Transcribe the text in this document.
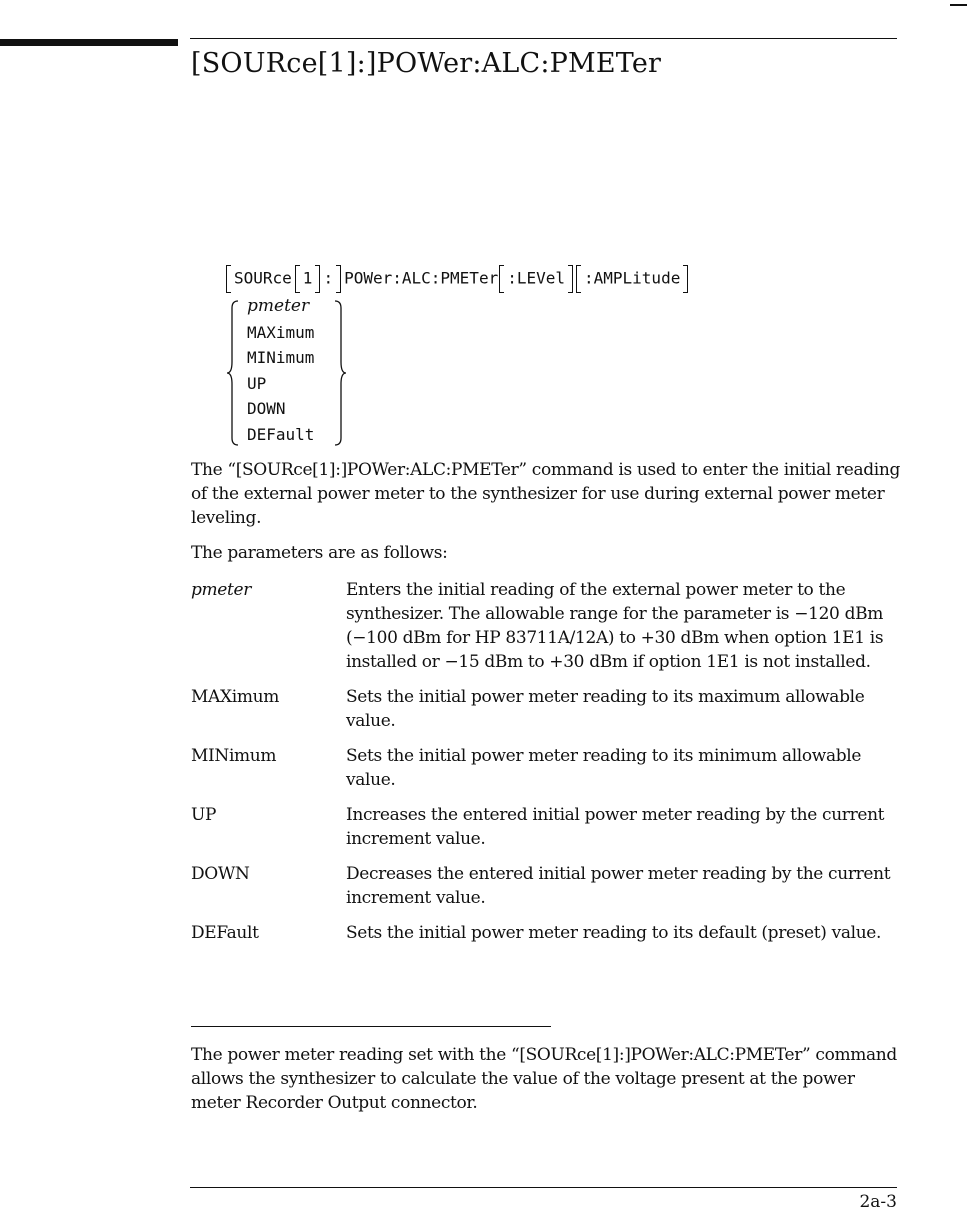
[SOURce[1]:]POWer:ALC:PMETer
SOURce 1 : POWer:ALC:PMETer :LEVel :AMPLitude
pmeter
MAXimum
MINimum
UP
DOWN
DEFault

The “[SOURce[1]:]POWer:ALC:PMETer” command is used to enter the initial reading of the external power meter to the synthesizer for use during external power meter leveling.

The parameters are as follows:

pmeter	Enters the initial reading of the external power meter to the synthesizer. The allowable range for the parameter is −120 dBm (−100 dBm for HP 83711A/12A) to +30 dBm when option 1E1 is installed or −15 dBm to +30 dBm if option 1E1 is not installed.
MAXimum	Sets the initial power meter reading to its maximum allowable value.
MINimum	Sets the initial power meter reading to its minimum allowable value.
UP	Increases the entered initial power meter reading by the current increment value.
DOWN	Decreases the entered initial power meter reading by the current increment value.
DEFault	Sets the initial power meter reading to its default (preset) value.

The power meter reading set with the “[SOURce[1]:]POWer:ALC:PMETer” command allows the synthesizer to calculate the value of the voltage present at the power meter Recorder Output connector.

2a-3
